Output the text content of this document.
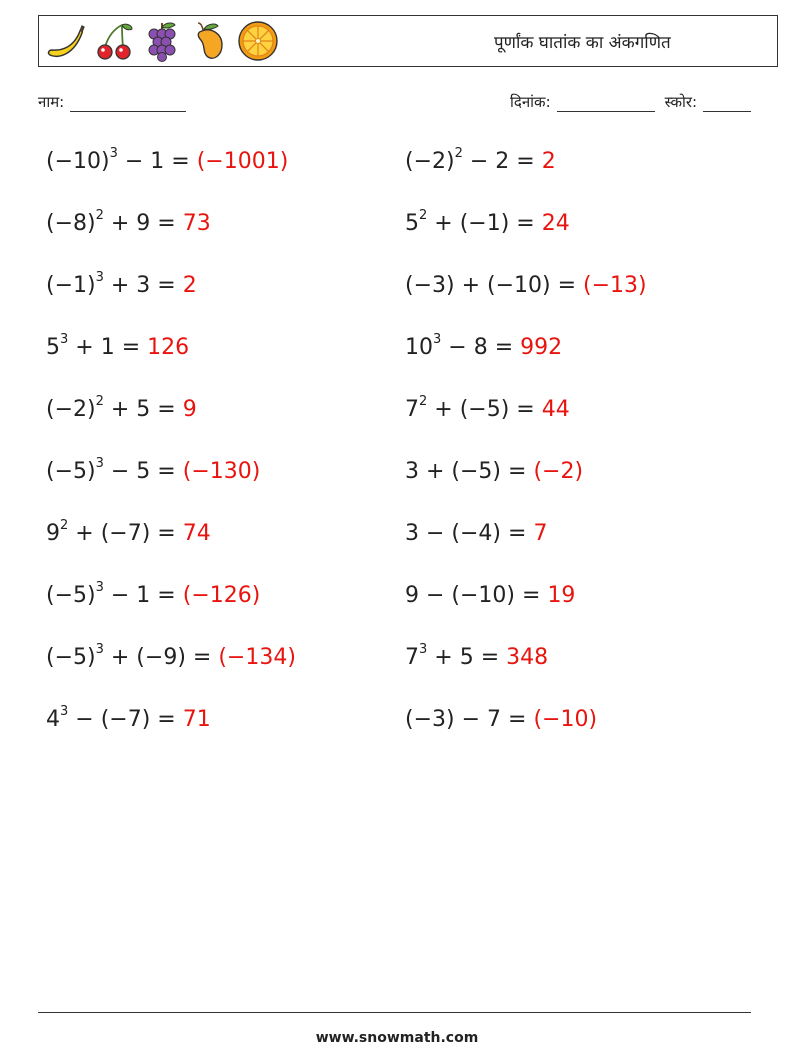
पूर्णांक घातांक का अंकगणित
नाम:	दिनांक:	स्कोर:
$(-10)^3 - 1 = (-1001)$
$(-8)^2 + 9 = 73$
$(-1)^3 + 3 = 2$
$5^3 + 1 = 126$
$(-2)^2 + 5 = 9$
$(-5)^3 - 5 = (-130)$
$9^2 + (-7) = 74$
$(-5)^3 - 1 = (-126)$
$(-5)^3 + (-9) = (-134)$
$4^3 - (-7) = 71$
$(-2)^2 - 2 = 2$
$5^2 + (-1) = 24$
(−3) + (−10) = (−13)
$10^3 - 8 = 992$
$7^2 + (-5) = 44$
3 + (−5) = (−2)
3 − (−4) = 7
9 − (−10) = 19
$7^3 + 5 = 348$
(−3) − 7 = (−10)
www.snowmath.com
